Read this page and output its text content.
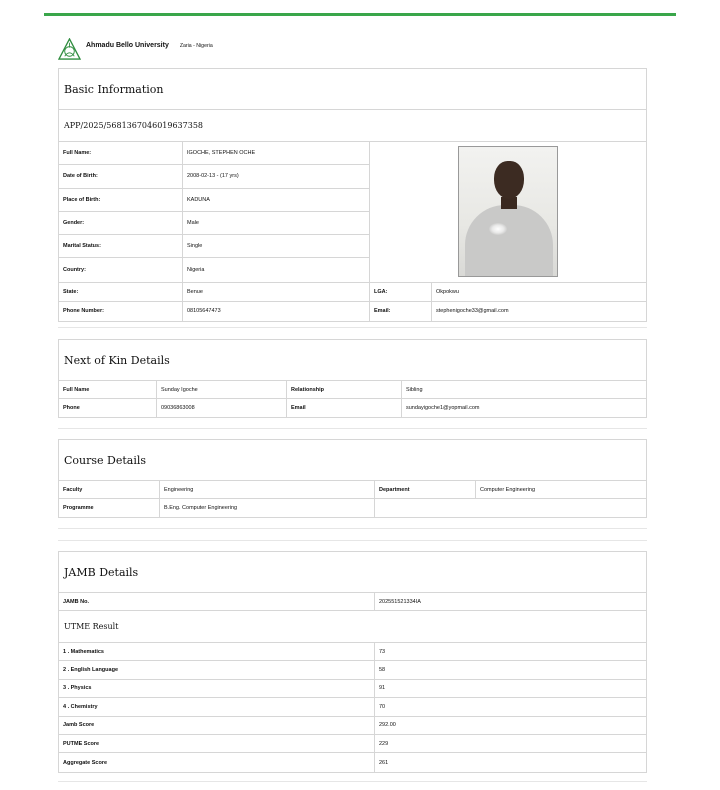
Ahmadu Bello University Zaria - Nigeria
Basic Information
APP/2025/568136704601963735​8
Full Name:	IGOCHE, STEPHEN OCHE
Date of Birth:	2008-02-13 - (17 yrs)
Place of Birth:	KADUNA
Gender:	Male
Marital Status:	Single
Country:	Nigeria
State:	Benue	LGA:	Okpokwu
Phone Number:	08105647473	Email:	stephenigoche33@gmail.com
Next of Kin Details
Full Name	Sunday Igoche	Relationship	Sibling
Phone	09036863008	Email	sundayigoche1@yopmail.com
Course Details
Faculty	Engineering	Department	Computer Engineering
Programme	B.Eng. Computer Engineering
JAMB Details
JAMB No.	202551521334IA
UTME Result
1 . Mathematics	73
2 . English Language	58
3 . Physics	91
4 . Chemistry	70
Jamb Score	292.00
PUTME Score	229
Aggregate Score	261
